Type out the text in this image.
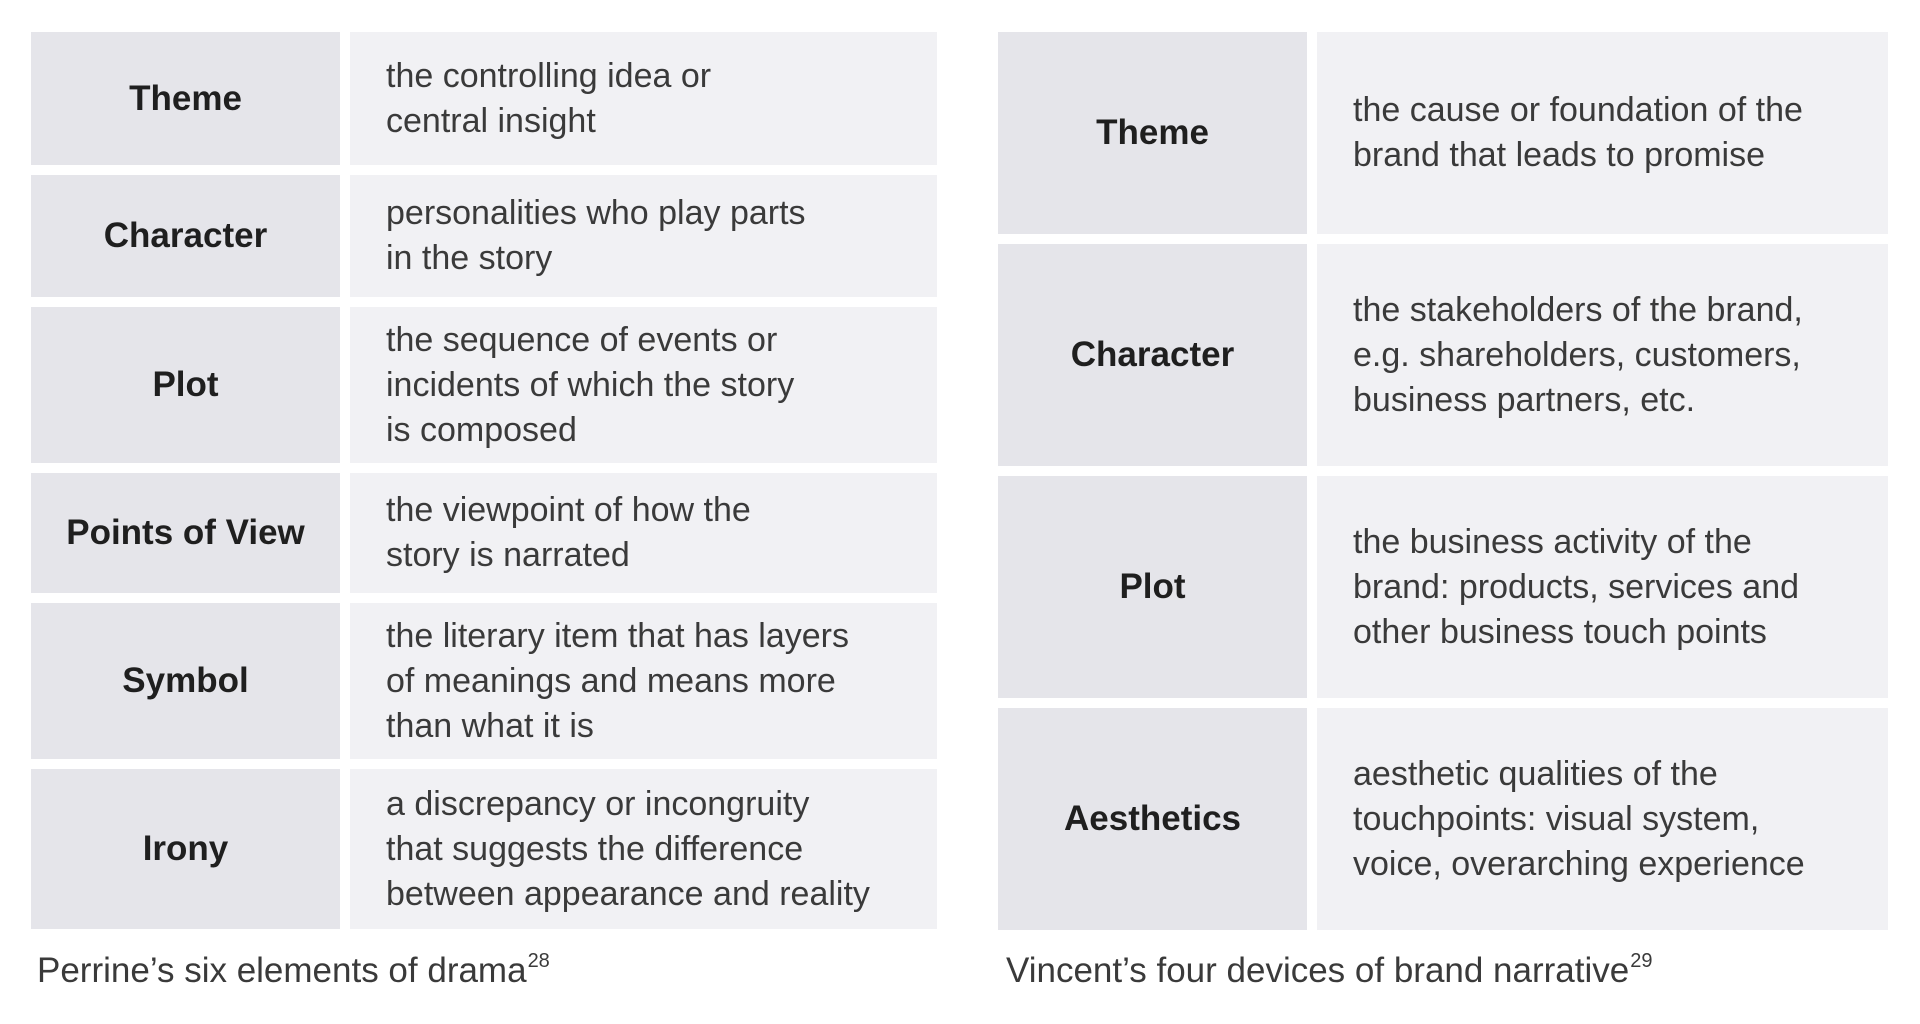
Theme
the controlling idea or
central insight
Character
personalities who play parts
in the story
Plot
the sequence of events or
incidents of which the story
is composed
Points of View
the viewpoint of how the
story is narrated
Symbol
the literary item that has layers
of meanings and means more
than what it is
Irony
a discrepancy or incongruity
that suggests the difference
between appearance and reality
Theme
the cause or foundation of the
brand that leads to promise
Character
the stakeholders of the brand,
e.g. shareholders, customers,
business partners, etc.
Plot
the business activity of the
brand: products, services and
other business touch points
Aesthetics
aesthetic qualities of the
touchpoints: visual system,
voice, overarching experience
Perrine’s six elements of drama$^{28}$	Vincent’s four devices of brand narrative$^{29}$
